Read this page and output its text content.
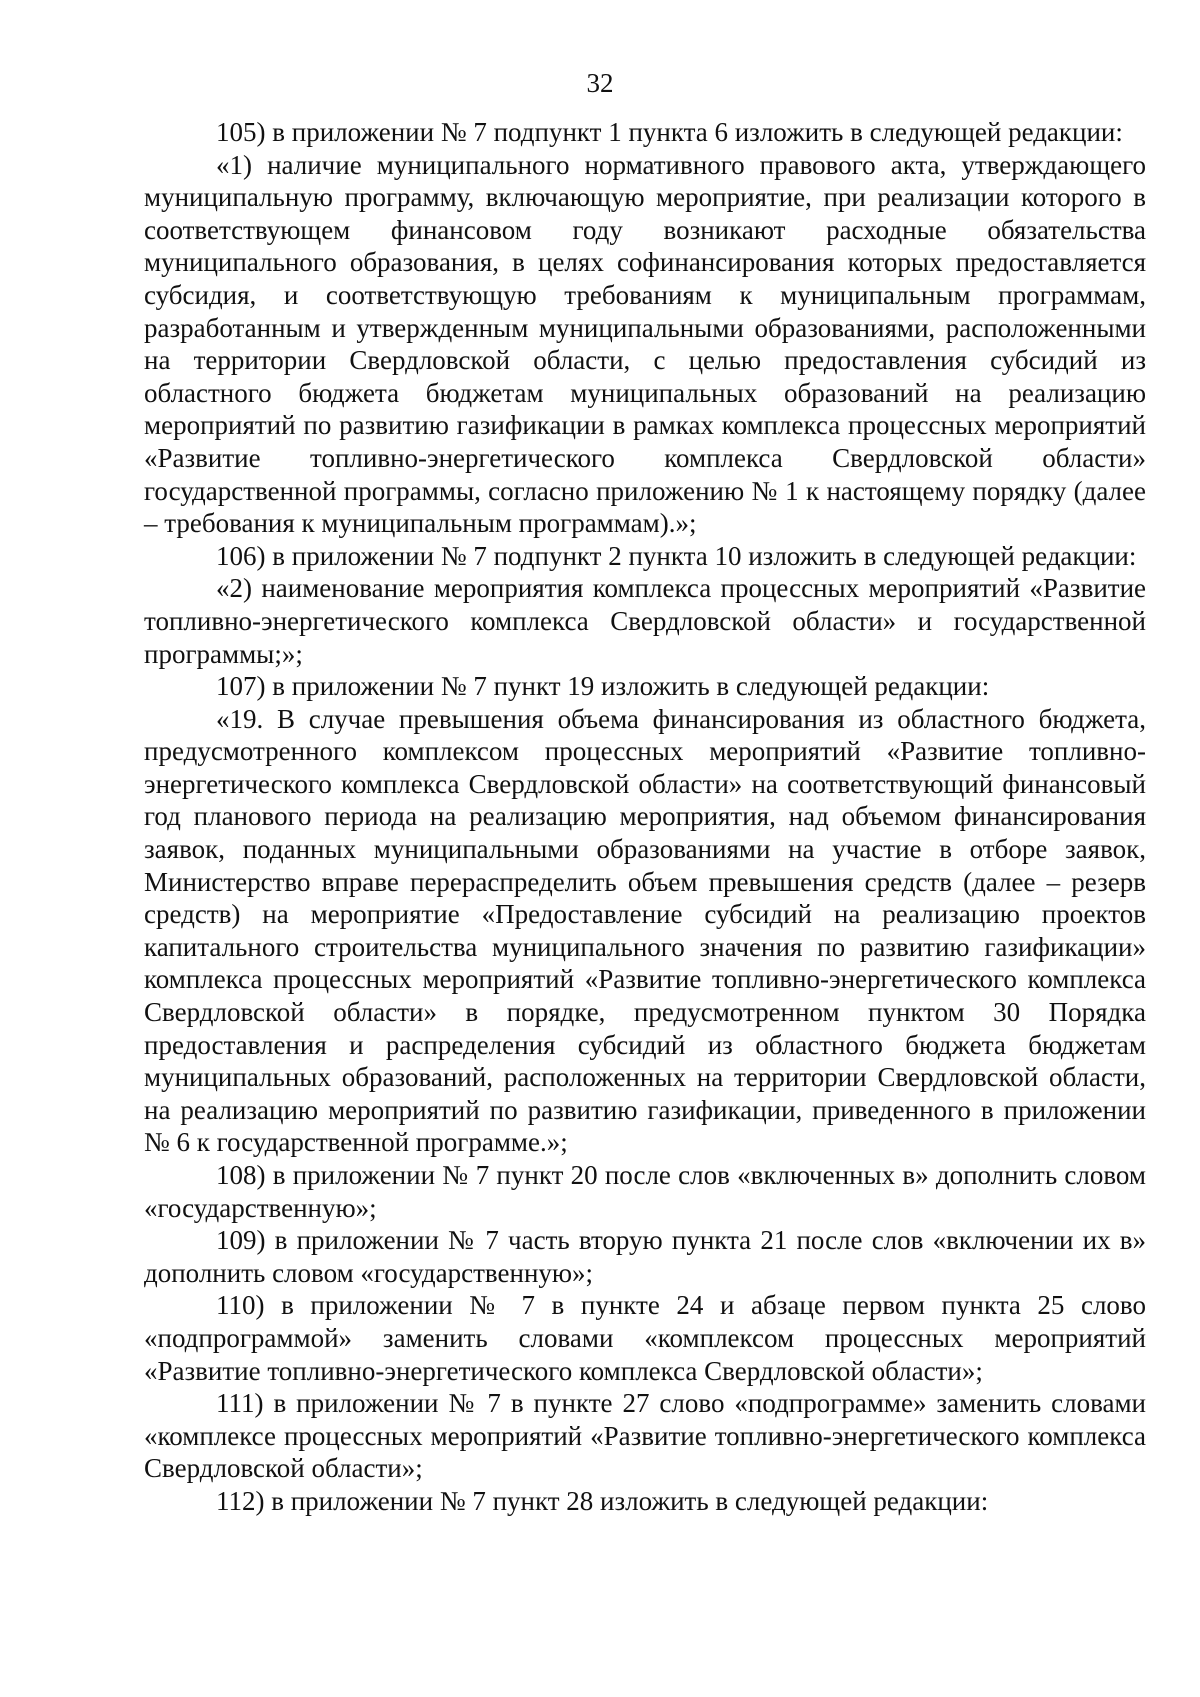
32

105) в приложении № 7 подпункт 1 пункта 6 изложить в следующей редакции:

«1) наличие муниципального нормативного правового акта, утверждающего муниципальную программу, включающую мероприятие, при реализации которого в соответствующем финансовом году возникают расходные обязательства муниципального образования, в целях софинансирования которых предоставляется субсидия, и соответствующую требованиям к муниципальным программам, разработанным и утвержденным муниципальными образованиями, расположенными на территории Свердловской области, с целью предоставления субсидий из областного бюджета бюджетам муниципальных образований на реализацию мероприятий по развитию газификации в рамках комплекса процессных мероприятий «Развитие топливно-энергетического комплекса Свердловской области» государственной программы, согласно приложению № 1 к настоящему порядку (далее – требования к муниципальным программам).»;

106) в приложении № 7 подпункт 2 пункта 10 изложить в следующей редакции:

«2) наименование мероприятия комплекса процессных мероприятий «Развитие топливно-энергетического комплекса Свердловской области» и государственной программы;»;

107) в приложении № 7 пункт 19 изложить в следующей редакции:

«19. В случае превышения объема финансирования из областного бюджета, предусмотренного комплексом процессных мероприятий «Развитие топливно-энергетического комплекса Свердловской области» на соответствующий финансовый год планового периода на реализацию мероприятия, над объемом финансирования заявок, поданных муниципальными образованиями на участие в отборе заявок, Министерство вправе перераспределить объем превышения средств (далее – резерв средств) на мероприятие «Предоставление субсидий на реализацию проектов капитального строительства муниципального значения по развитию газификации» комплекса процессных мероприятий «Развитие топливно-энергетического комплекса Свердловской области» в порядке, предусмотренном пунктом 30 Порядка предоставления и распределения субсидий из областного бюджета бюджетам муниципальных образований, расположенных на территории Свердловской области, на реализацию мероприятий по развитию газификации, приведенного в приложении № 6 к государственной программе.»;

108) в приложении № 7 пункт 20 после слов «включенных в» дополнить словом «государственную»;

109) в приложении № 7 часть вторую пункта 21 после слов «включении их в» дополнить словом «государственную»;

110) в приложении № 7 в пункте 24 и абзаце первом пункта 25 слово «подпрограммой» заменить словами «комплексом процессных мероприятий «Развитие топливно-энергетического комплекса Свердловской области»;

111) в приложении № 7 в пункте 27 слово «подпрограмме» заменить словами «комплексе процессных мероприятий «Развитие топливно-энергетического комплекса Свердловской области»;

112) в приложении № 7 пункт 28 изложить в следующей редакции:
